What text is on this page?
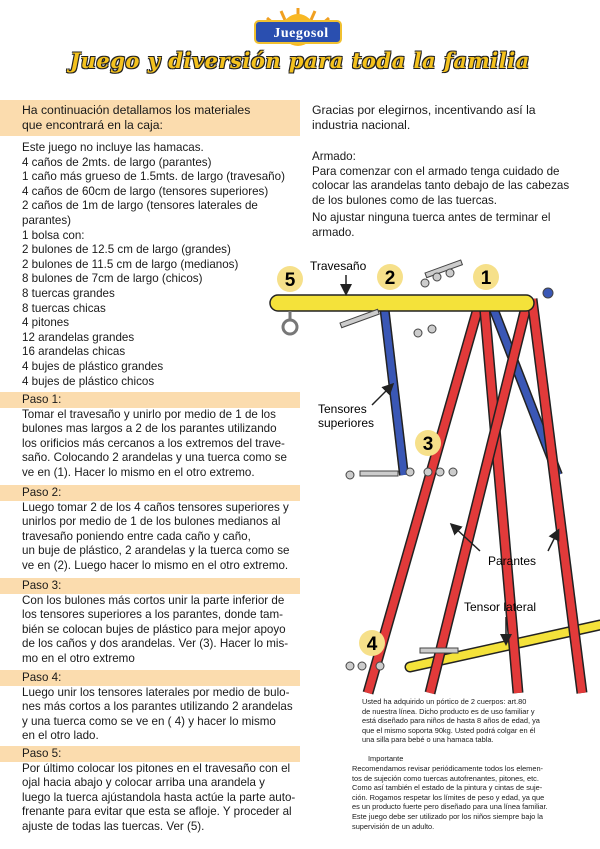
Juegosol
Juego y diversión para toda la familia
Ha continuación detallamos los materiales
que encontrará en la caja:
Gracias por elegirnos, incentivando así la
industria nacional.
Este juego no incluye las hamacas.
4 caños de 2mts. de largo (parantes)
1 caño más grueso de 1.5mts. de largo (travesaño)
4 caños de 60cm de largo (tensores superiores)
2 caños de 1m de largo (tensores laterales de
parantes)
1 bolsa con:
2 bulones de 12.5 cm de largo (grandes)
2 bulones de 11.5 cm de largo (medianos)
8 bulones de 7cm de largo (chicos)
8 tuercas grandes
8 tuercas chicas
4 pitones
12 arandelas grandes
16 arandelas chicas
4 bujes de plástico grandes
4 bujes de plástico chicos
Paso 1:
Tomar el travesaño y unirlo por medio de 1 de los
bulones mas largos a 2 de los parantes utilizando
los orificios más cercanos a los extremos del trave-
saño. Colocando 2 arandelas y una tuerca como se
ve en (1). Hacer lo mismo en el otro extremo.
Paso 2:
Luego tomar 2 de los 4 caños tensores superiores y
unirlos por medio de 1 de los bulones medianos al
travesaño poniendo entre cada caño y caño,
un buje de plástico, 2 arandelas y la tuerca como se
ve en (2). Luego hacer lo mismo en el otro extremo.
Paso 3:
Con los bulones más cortos unir la parte inferior de
los tensores superiores a los parantes, donde tam-
bién se colocan bujes de plástico para mejor apoyo
de los caños y dos arandelas. Ver (3). Hacer lo mis-
mo en el otro extremo
Paso 4:
Luego unir los tensores laterales por medio de bulo-
nes más cortos a los parantes utilizando 2 arandelas
y una tuerca como se ve en ( 4) y hacer lo mismo
en el otro lado.
Paso 5:
Por último colocar los pitones en el travesaño con el
ojal hacia abajo y colocar arriba una arandela y
luego la tuerca ajústandola hasta actúe la parte auto-
frenante para evitar que esta se afloje. Y proceder al
ajuste de todas las tuercas. Ver (5).
Armado:
Para comenzar con el armado tenga cuidado de
colocar las arandelas tanto debajo de las cabezas
de los bulones como de las tuercas.
No ajustar ninguna tuerca antes de terminar el
armado.
Travesaño
Tensores
superiores
Parantes
Tensor lateral
5	2	1
3
4
Usted ha adquirido un pórtico de 2 cuerpos: art.80
de nuestra línea. Dicho producto es de uso familiar y
está diseñado para niños de hasta 8 años de edad, ya
que el mismo soporta 90kg. Usted podrá colgar en él
una silla para bebé o una hamaca tabla.
Importante
Recomendamos revisar periódicamente todos los elemen-
tos de sujeción como tuercas autofrenantes, pitones, etc.
Como así también el estado de la pintura y cintas de suje-
ción. Rogamos respetar los límites de peso y edad, ya que
es un producto fuerte pero diseñado para una línea familiar.
Este juego debe ser utilizado por los niños siempre bajo la
supervisión de un adulto.
